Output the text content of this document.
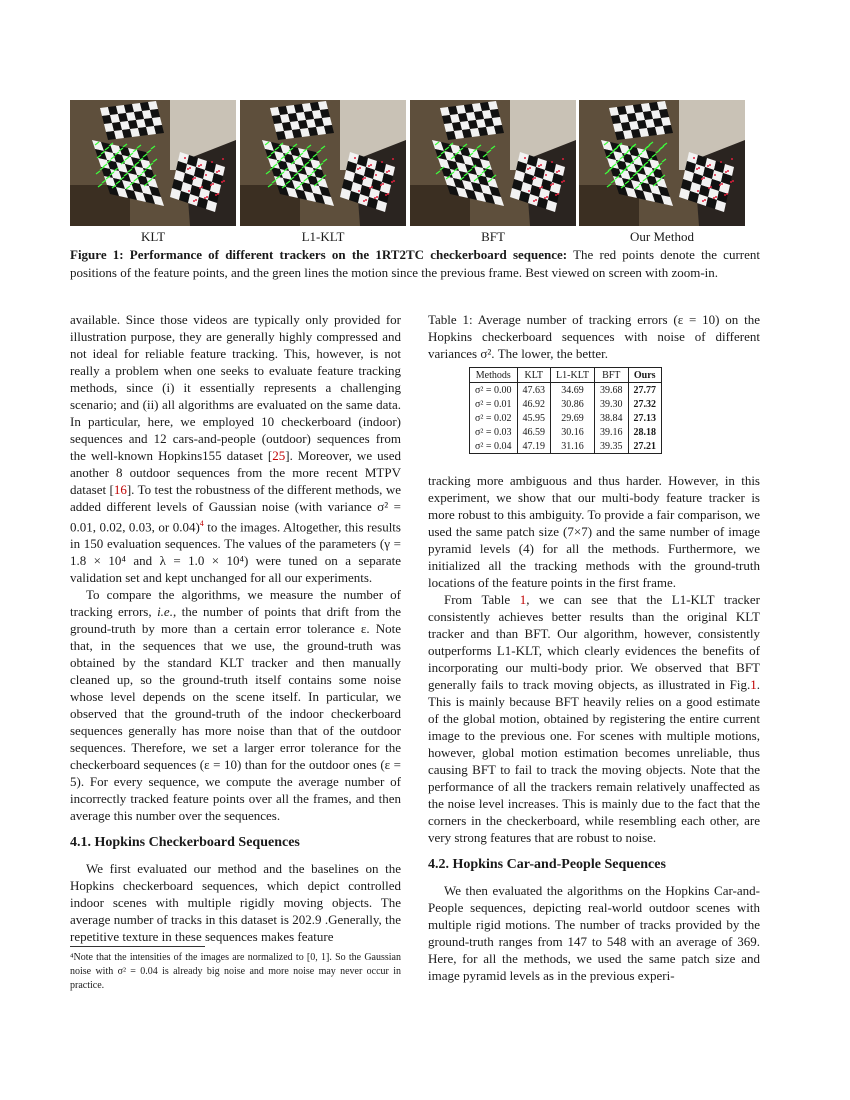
KLT	L1-KLT	BFT	Our Method
Figure 1: Performance of different trackers on the 1RT2TC checkerboard sequence: The red points denote the current positions of the feature points, and the green lines the motion since the previous frame. Best viewed on screen with zoom-in.

available. Since those videos are typically only provided for illustration purpose, they are generally highly compressed and not ideal for reliable feature tracking. This, however, is not really a problem when one seeks to evaluate feature tracking methods, since (i) it essentially represents a challenging scenario; and (ii) all algorithms are evaluated on the same data. In particular, here, we employed 10 checkerboard (indoor) sequences and 12 cars-and-people (outdoor) sequences from the well-known Hopkins155 dataset [25]. Moreover, we used another 8 outdoor sequences from the more recent MTPV dataset [16]. To test the robustness of the different methods, we added different levels of Gaussian noise (with variance σ² = 0.01, 0.02, 0.03, or 0.04)$^4$ to the images. Altogether, this results in 150 evaluation sequences. The values of the parameters (γ = 1.8 × 10⁴ and λ = 1.0 × 10⁴) were tuned on a separate validation set and kept unchanged for all our experiments.

To compare the algorithms, we measure the number of tracking errors, i.e., the number of points that drift from the ground-truth by more than a certain error tolerance ε. Note that, in the sequences that we use, the ground-truth was obtained by the standard KLT tracker and then manually cleaned up, so the ground-truth itself contains some noise whose level depends on the scene itself. In particular, we observed that the ground-truth of the indoor checkerboard sequences generally has more noise than that of the outdoor sequences. Therefore, we set a larger error tolerance for the checkerboard sequences (ε = 10) than for the outdoor ones (ε = 5). For every sequence, we compute the average number of incorrectly tracked feature points over all the frames, and then average this number over the sequences.

4.1. Hopkins Checkerboard Sequences

We first evaluated our method and the baselines on the Hopkins checkerboard sequences, which depict controlled indoor scenes with multiple rigidly moving objects. The average number of tracks in this dataset is 202.9 .Generally, the repetitive texture in these sequences makes feature

⁴Note that the intensities of the images are normalized to [0, 1]. So the Gaussian noise with σ² = 0.04 is already big noise and more noise may never occur in practice.
Table 1: Average number of tracking errors (ε = 10) on the Hopkins checkerboard sequences with noise of different variances σ². The lower, the better.
Methods	KLT	L1-KLT	BFT	Ours
σ² = 0.00	47.63	34.69	39.68	27.77
σ² = 0.01	46.92	30.86	39.30	27.32
σ² = 0.02	45.95	29.69	38.84	27.13
σ² = 0.03	46.59	30.16	39.16	28.18
σ² = 0.04	47.19	31.16	39.35	27.21

tracking more ambiguous and thus harder. However, in this experiment, we show that our multi-body feature tracker is more robust to this ambiguity. To provide a fair comparison, we used the same patch size (7×7) and the same number of image pyramid levels (4) for all the methods. Furthermore, we initialized all the tracking methods with the ground-truth locations of the feature points in the first frame.

From Table 1, we can see that the L1-KLT tracker consistently achieves better results than the original KLT tracker and than BFT. Our algorithm, however, consistently outperforms L1-KLT, which clearly evidences the benefits of incorporating our multi-body prior. We observed that BFT generally fails to track moving objects, as illustrated in Fig.1. This is mainly because BFT heavily relies on a good estimate of the global motion, obtained by registering the entire current image to the previous one. For scenes with multiple motions, however, global motion estimation becomes unreliable, thus causing BFT to fail to track the moving objects. Note that the performance of all the trackers remain relatively unaffected as the noise level increases. This is mainly due to the fact that the corners in the checkerboard, while resembling each other, are very strong features that are robust to noise.

4.2. Hopkins Car-and-People Sequences

We then evaluated the algorithms on the Hopkins Car-and-People sequences, depicting real-world outdoor scenes with multiple rigid motions. The number of tracks provided by the ground-truth ranges from 147 to 548 with an average of 369. Here, for all the methods, we used the same patch size and image pyramid levels as in the previous experi-
